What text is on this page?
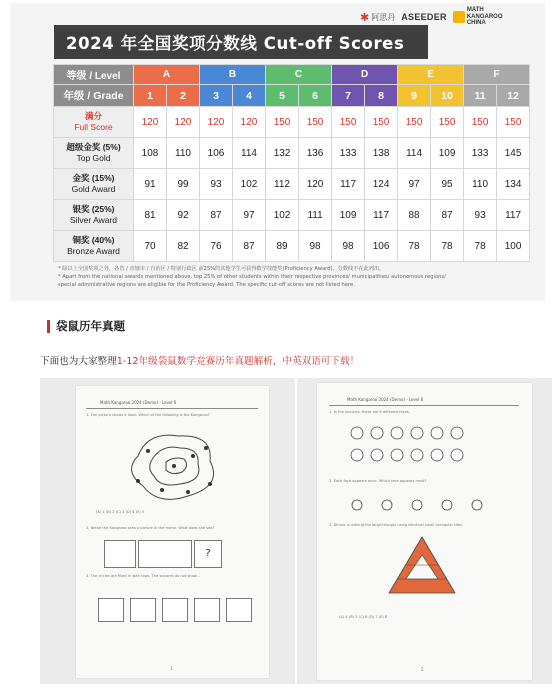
✱ 阿思丹 ASEEDER
MATH
KANGAROO
CHINA
2024 年全国奖项分数线 Cut-off Scores
等级 / Level	A		B		C		D		E		F	
年级 / Grade	1	2	3	4	5	6	7	8	9	10	11	12

满分
Full Score	120	120	120	120	150	150	150	150	150	150	150	150

超级金奖 (5%)
Top Gold	108	110	106	114	132	136	133	138	114	109	133	145

金奖 (15%)
Gold Award	91	99	93	102	112	120	117	124	97	95	110	134

银奖 (25%)
Silver Award	81	92	87	97	102	111	109	117	88	87	93	117

铜奖 (40%)
Bronze Award	70	82	76	87	89	98	98	106	78	78	78	100
* 除以上全国奖项之外，各省 / 直辖市 / 自治区 / 特别行政区 前25%的其他学生可获得数学技能奖(Proficiency Award)，分数线不在此列出。
* Apart from the national awards mentioned above, top 25% of other students within their respective provinces/ municipalities/ autonomous regions/
special administrative regions are eligible for the Proficiency Award. The specific cut-off scores are not listed here.
袋鼠历年真题
下面也为大家整理1-12年级袋鼠数学竞赛历年真题解析，中英双语可下载！
Math Kangaroo 2024 (Demo) - Level 6
1. The picture shows a lawn. Which of the following is the Kangaroo?
(A) 1 (B) 2 (C) 3 (D) 4 (E) 5
2. Bettie the Kangaroo sees a picture in the mirror. What does she see?
?
3. The circles are filled in with rows. The squares do not show...
1
Math Kangaroo 2024 (Demo) - Level 6
1. In the pictures, there are 6 different faces.
2. Each face appears once. Which face appears most?
3. Dinara is making the large triangle using identical small triangular tiles.
(A) 4 (B) 5 (C) 6 (D) 7 (E) 8
2
